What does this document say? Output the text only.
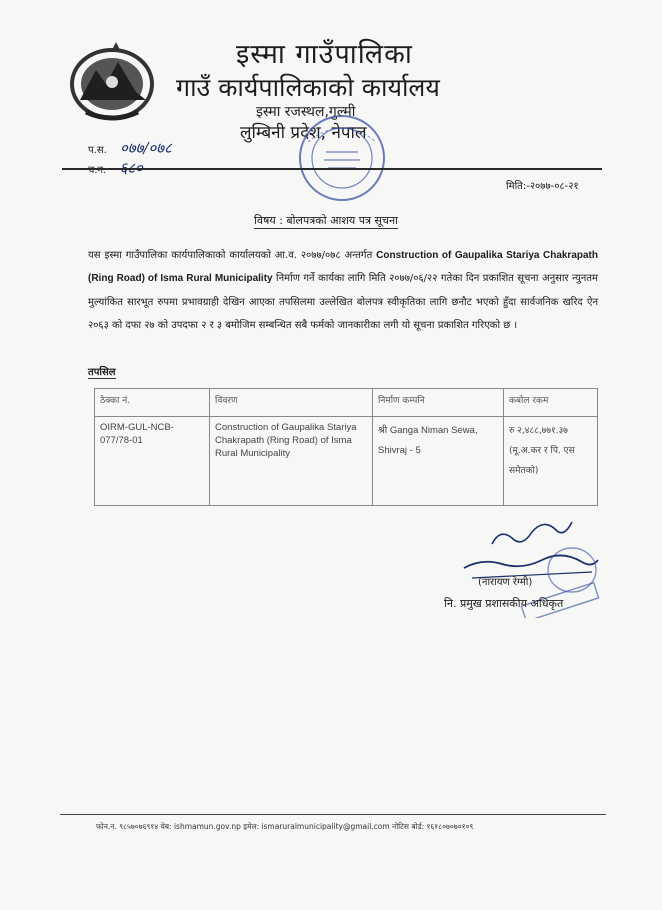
इस्मा गाउँपालिका
गाउँ कार्यपालिकाको कार्यालय
इस्मा रजस्थल,गुल्मी
लुम्बिनी प्रदेश, नेपाल
प.स. ०७७/०७८
च.न. ६८०
मिति:-२०७७-०८-२१
विषय : बोलपत्रको आशय पत्र सूचना
यस इस्मा गाउँपालिका कार्यपालिकाको कार्यालयको आ.व. २०७७/०७८ अन्तर्गत Construction of Gaupalika Stariya Chakrapath (Ring Road) of Isma Rural Municipality निर्माण गर्ने कार्यका लागि मिति २०७७/०६/२२ गतेका दिन प्रकाशित सूचना अनुसार न्युनतम मुल्यांकित सारभूत रुपमा प्रभावग्राही देखिन आएका तपसिलमा उल्लेखित बोलपत्र स्वीकृतिका लागि छनौट भएको हुँदा सार्वजनिक खरिद ऐन २०६३ को दफा २७ को उपदफा २ र ३ बमोजिम सम्बन्धित सबै फर्मको जानकारीका लगी यो सूचना प्रकाशित गरिएको छ ।
तपसिल
ठेक्का नं.	विवरण	निर्माण कम्पनि	कबोल रकम
OIRM-GUL-NCB-077/78-01	Construction of Gaupalika Stariya Chakrapath (Ring Road) of Isma Rural Municipality	श्री Ganga Niman Sewa, Shivraj - 5	रु २,४८८,७७१.३७ (मू.अ.कर र पि. एस समेतको)
(नारायण रेग्मी)
नि. प्रमुख प्रशासकीय अधिकृत
फोन.न. ९८५७०७६९१४ वेब: ishmamun.gov.np इमेल: ismaruralmunicipality@gmail.com नोटिस बोर्ड: १६१८०७०७०१०९
